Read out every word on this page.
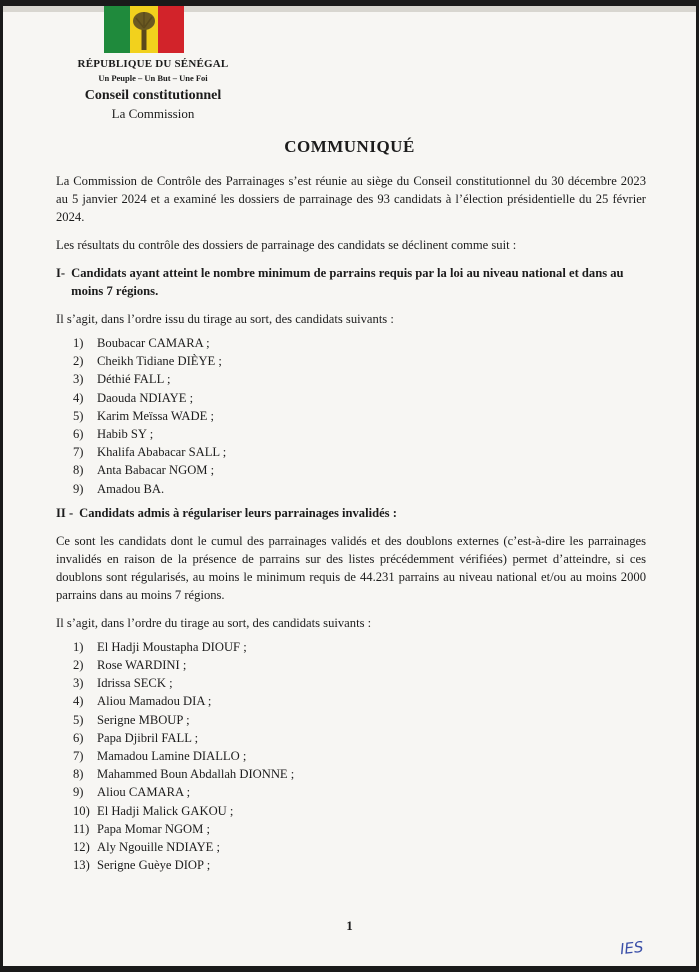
RÉPUBLIQUE DU SÉNÉGAL
Un Peuple – Un But – Une Foi
Conseil constitutionnel
La Commission
COMMUNIQUÉ

La Commission de Contrôle des Parrainages s’est réunie au siège du Conseil constitutionnel du 30 décembre 2023 au 5 janvier 2024 et a examiné les dossiers de parrainage des 93 candidats à l’élection présidentielle du 25 février 2024.

Les résultats du contrôle des dossiers de parrainage des candidats se déclinent comme suit :

I- Candidats ayant atteint le nombre minimum de parrains requis par la loi au niveau national et dans au moins 7 régions.

Il s’agit, dans l’ordre issu du tirage au sort, des candidats suivants :

1) Boubacar CAMARA ;
2) Cheikh Tidiane DIÈYE ;
3) Déthié FALL ;
4) Daouda NDIAYE ;
5) Karim Meïssa WADE ;
6) Habib SY ;
7) Khalifa Ababacar SALL ;
8) Anta Babacar NGOM ;
9) Amadou BA.
II - Candidats admis à régulariser leurs parrainages invalidés :

Ce sont les candidats dont le cumul des parrainages validés et des doublons externes (c’est-à-dire les parrainages invalidés en raison de la présence de parrains sur des listes précédemment vérifiées) permet d’atteindre, si ces doublons sont régularisés, au moins le minimum requis de 44.231 parrains au niveau national et/ou au moins 2000 parrains dans au moins 7 régions.

Il s’agit, dans l’ordre du tirage au sort, des candidats suivants :

1) El Hadji Moustapha DIOUF ;
2) Rose WARDINI ;
3) Idrissa SECK ;
4) Aliou Mamadou DIA ;
5) Serigne MBOUP ;
6) Papa Djibril FALL ;
7) Mamadou Lamine DIALLO ;
8) Mahammed Boun Abdallah DIONNE ;
9) Aliou CAMARA ;
10) El Hadji Malick GAKOU ;
11) Papa Momar NGOM ;
12) Aly Ngouille NDIAYE ;
13) Serigne Guèye DIOP ;
1
IES
